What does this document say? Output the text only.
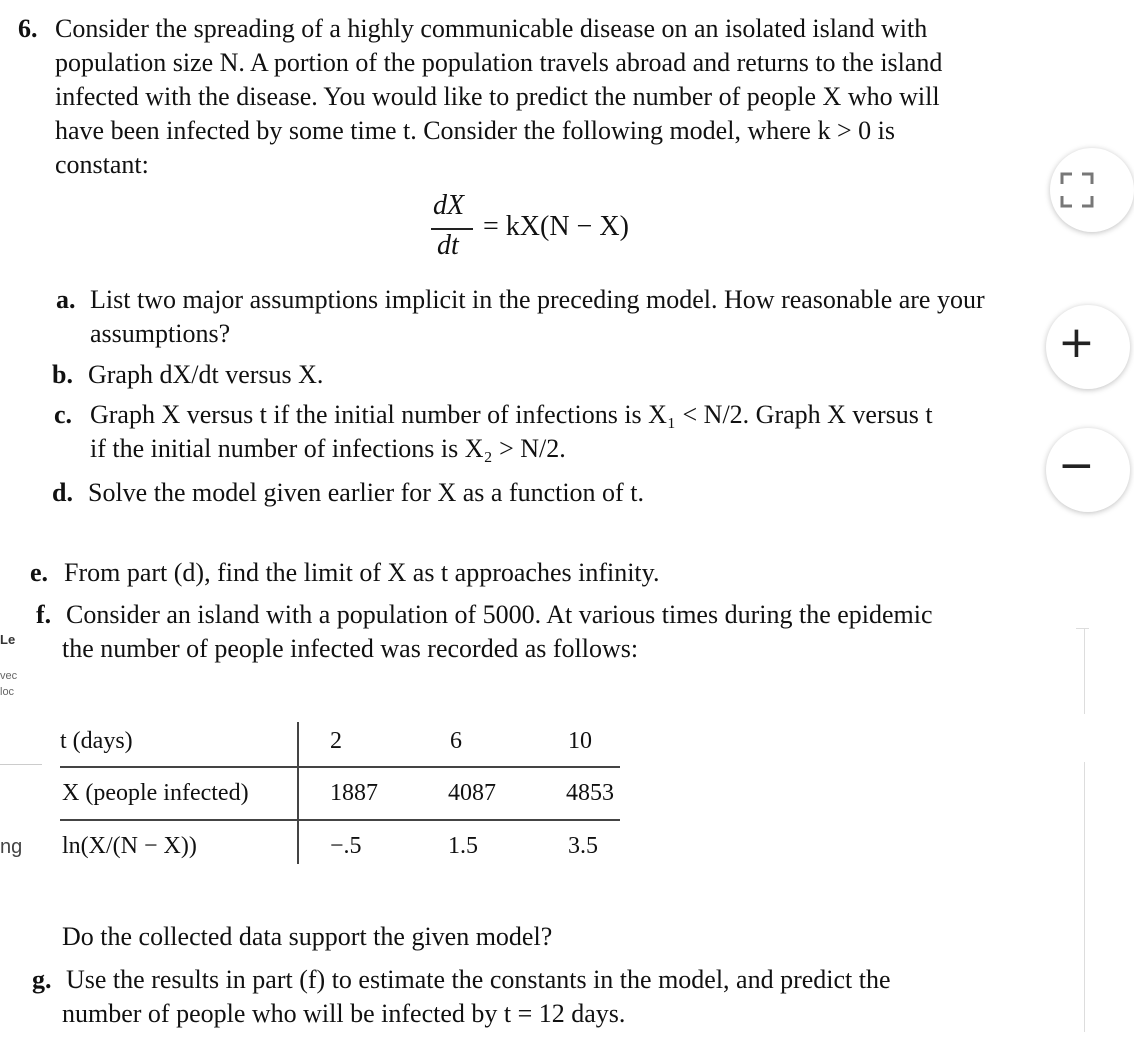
6. Consider the spreading of a highly communicable disease on an isolated island with
population size N. A portion of the population travels abroad and returns to the island
infected with the disease. You would like to predict the number of people X who will
have been infected by some time t. Consider the following model, where k > 0 is
constant:
dX
dt
= kX(N − X)
a. List two major assumptions implicit in the preceding model. How reasonable are your
assumptions?
b. Graph dX/dt versus X.
c. Graph X versus t if the initial number of infections is X₁ < N/2. Graph X versus t
if the initial number of infections is X₂ > N/2.
d. Solve the model given earlier for X as a function of t.
e. From part (d), find the limit of X as t approaches infinity.
f. Consider an island with a population of 5000. At various times during the epidemic
the number of people infected was recorded as follows:
t (days)	2	6	10
X (people infected)	1887	4087	4853
ln(X/(N − X))	−.5	1.5	3.5
Do the collected data support the given model?
g. Use the results in part (f) to estimate the constants in the model, and predict the
number of people who will be infected by t = 12 days.
+
−
Le
vec
loc
ng
